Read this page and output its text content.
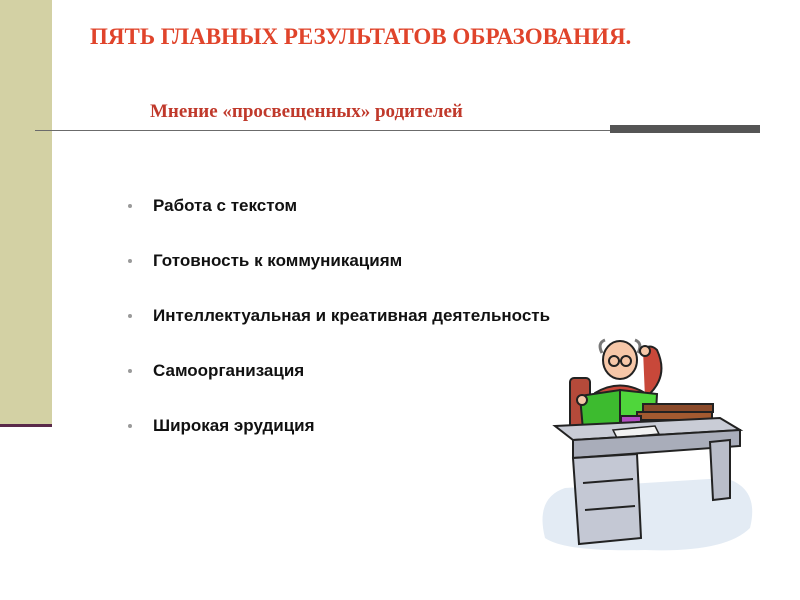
ПЯТЬ ГЛАВНЫХ РЕЗУЛЬТАТОВ ОБРАЗОВАНИЯ.
Мнение «просвещенных» родителей
Работа с текстом
Готовность к коммуникациям
Интеллектуальная и креативная деятельность
Самоорганизация
Широкая эрудиция
